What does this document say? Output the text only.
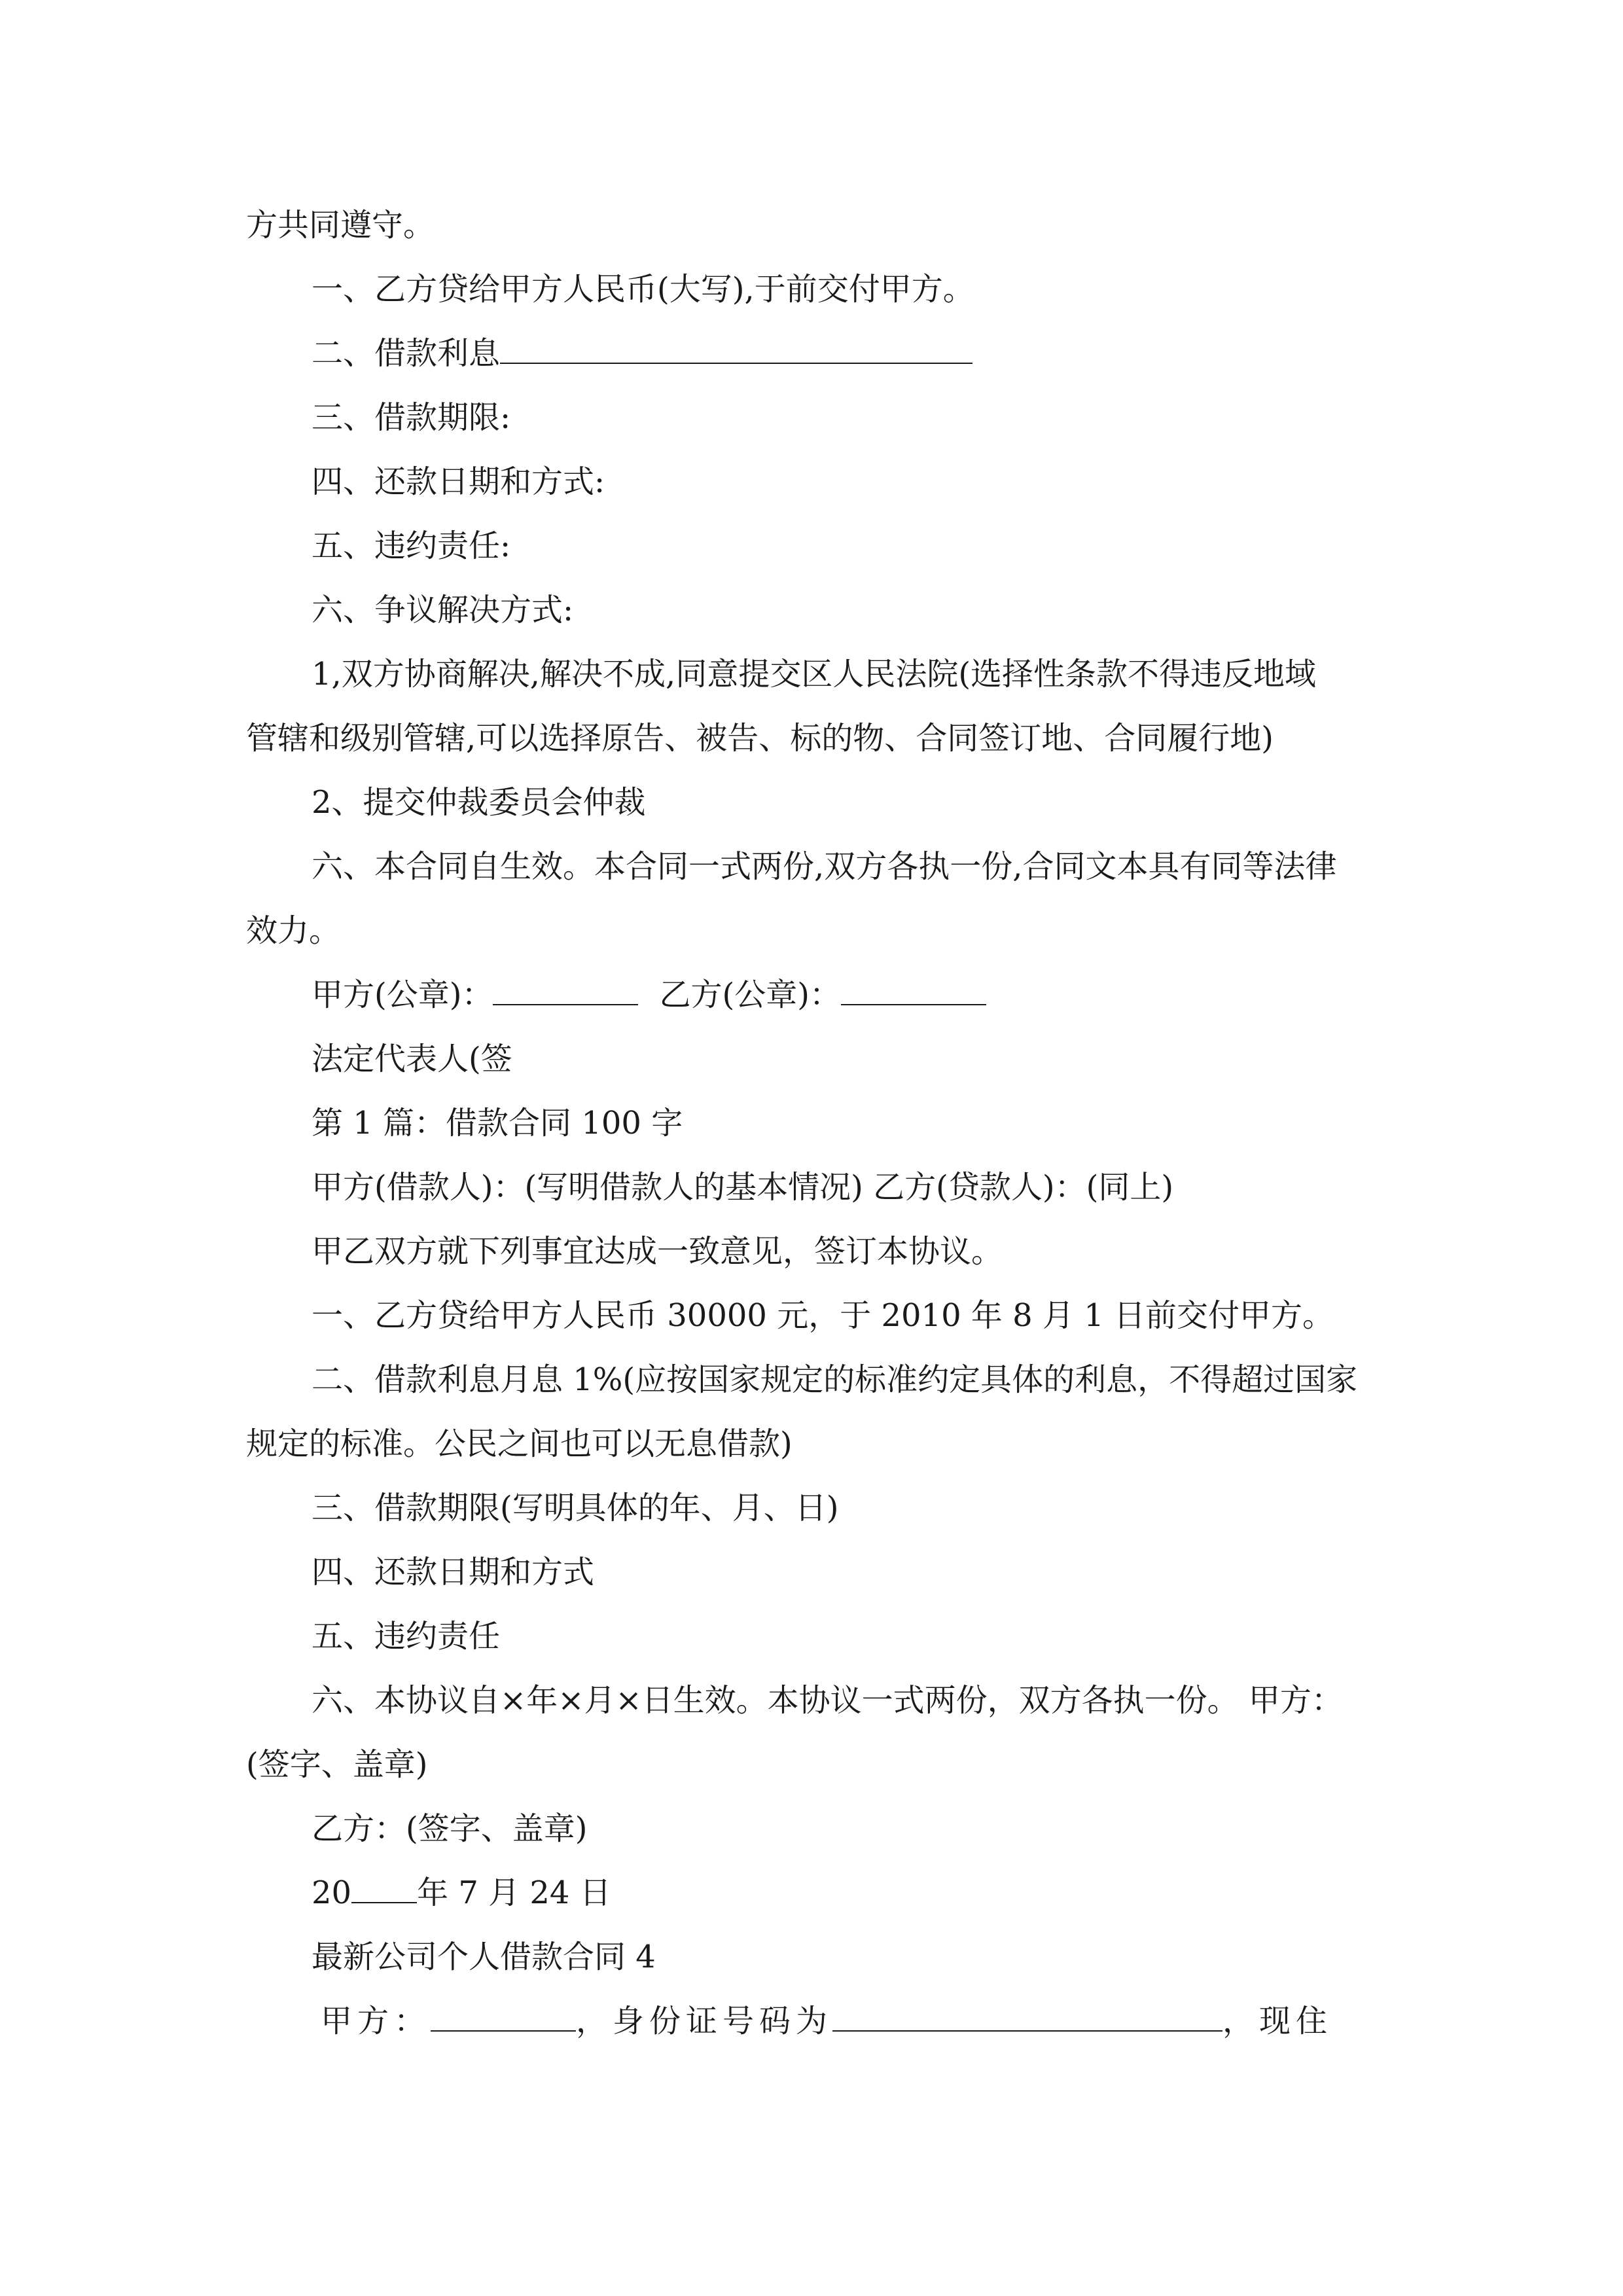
方共同遵守。
一、乙方贷给甲方人民币(大写),于前交付甲方。
二、借款利息
三、借款期限:
四、还款日期和方式:
五、违约责任:
六、争议解决方式:
1,双方协商解决,解决不成,同意提交区人民法院(选择性条款不得违反地域
管辖和级别管辖,可以选择原告、被告、标的物、合同签订地、合同履行地)
2、提交仲裁委员会仲裁
六、本合同自生效。本合同一式两份,双方各执一份,合同文本具有同等法律
效力。
甲方(公章)：	乙方(公章)：
法定代表人(签
第 1 篇：借款合同 100 字
甲方(借款人)：(写明借款人的基本情况) 乙方(贷款人)：(同上)
甲乙双方就下列事宜达成一致意见，签订本协议。
一、乙方贷给甲方人民币 30000 元，于 2010 年 8 月 1 日前交付甲方。
二、借款利息月息 1%(应按国家规定的标准约定具体的利息，不得超过国家
规定的标准。公民之间也可以无息借款)
三、借款期限(写明具体的年、月、日)
四、还款日期和方式
五、违约责任
六、本协议自×年×月×日生效。本协议一式两份，双方各执一份。 甲方：
(签字、盖章)
乙方：(签字、盖章)
20 年 7 月 24 日
最新公司个人借款合同 4
甲方：	，身份证号码为	，现住
